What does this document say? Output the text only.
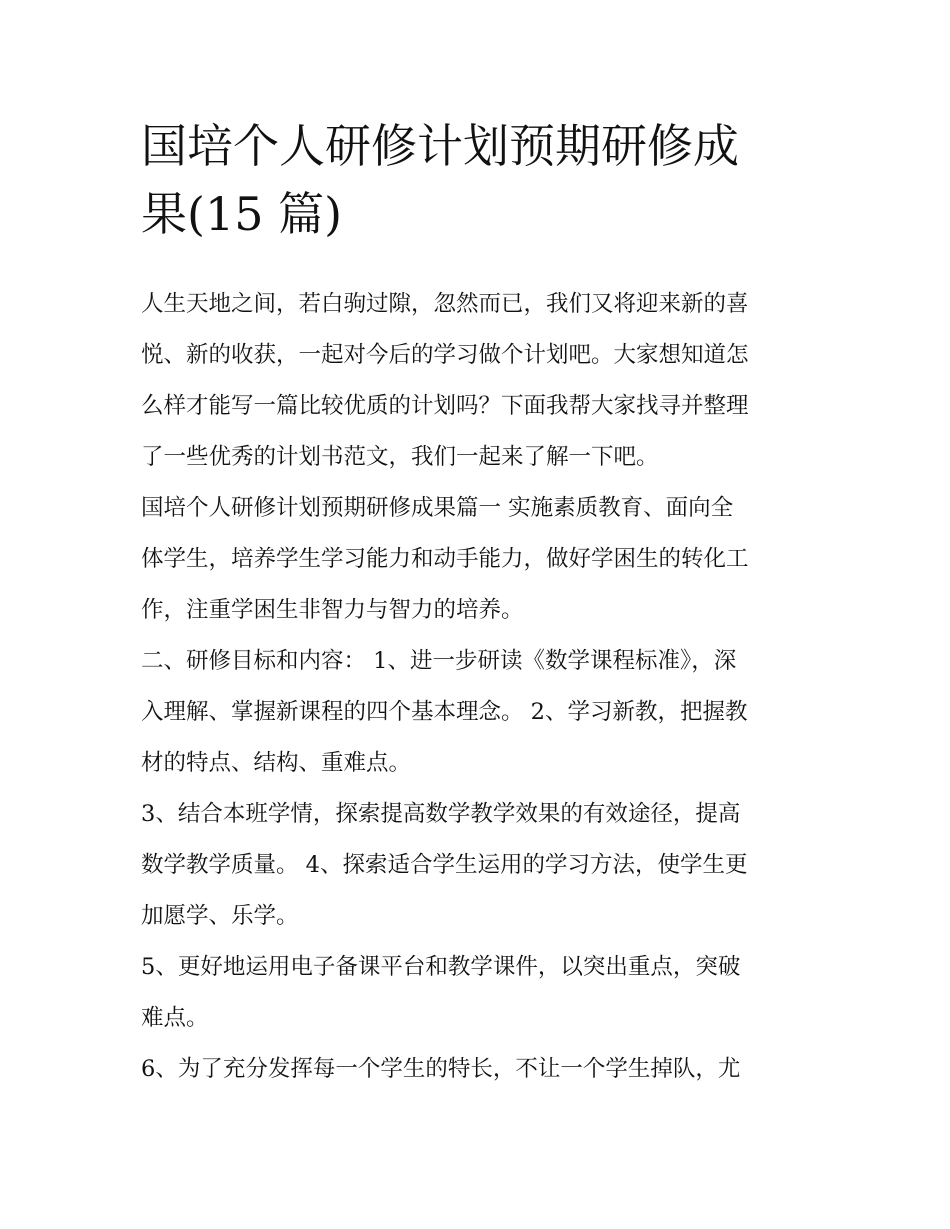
国培个人研修计划预期研修成
果(15 篇)

人生天地之间，若白驹过隙，忽然而已，我们又将迎来新的喜
悦、新的收获，一起对今后的学习做个计划吧。大家想知道怎
么样才能写一篇比较优质的计划吗？下面我帮大家找寻并整理
了一些优秀的计划书范文，我们一起来了解一下吧。

国培个人研修计划预期研修成果篇一 实施素质教育、面向全
体学生，培养学生学习能力和动手能力，做好学困生的转化工
作，注重学困生非智力与智力的培养。

二、研修目标和内容： 1、进一步研读《数学课程标准》，深
入理解、掌握新课程的四个基本理念。 2、学习新教，把握教
材的特点、结构、重难点。

3、结合本班学情，探索提高数学教学效果的有效途径，提高
数学教学质量。 4、探索适合学生运用的学习方法，使学生更
加愿学、乐学。

5、更好地运用电子备课平台和教学课件，以突出重点，突破
难点。

6、为了充分发挥每一个学生的特长，不让一个学生掉队，尤
